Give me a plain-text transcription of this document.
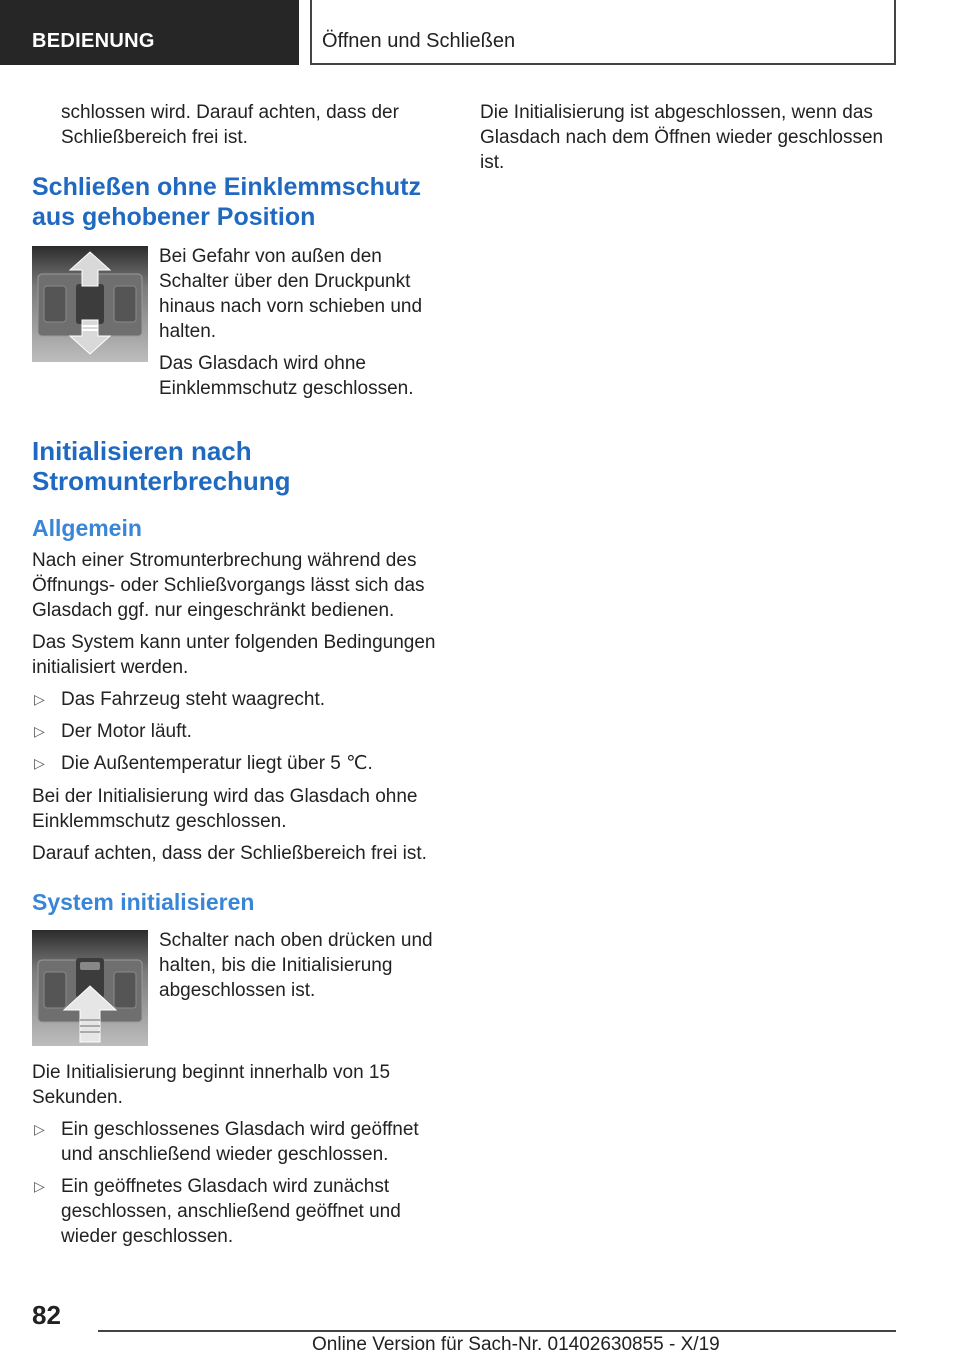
BEDIENUNG	Öffnen und Schließen

schlossen wird. Darauf achten, dass der Schließbereich frei ist.

Schließen ohne Einklemmschutz aus gehobener Position

Bei Gefahr von außen den Schalter über den Druckpunkt hinaus nach vorn schieben und halten.

Das Glasdach wird ohne Einklemmschutz geschlossen.

Initialisieren nach Stromunterbrechung
Allgemein

Nach einer Stromunterbrechung während des Öffnungs- oder Schließvorgangs lässt sich das Glasdach ggf. nur eingeschränkt bedienen.

Das System kann unter folgenden Bedingungen initialisiert werden.

▷ Das Fahrzeug steht waagrecht.
▷ Der Motor läuft.
▷ Die Außentemperatur liegt über 5 ℃.

Bei der Initialisierung wird das Glasdach ohne Einklemmschutz geschlossen.

Darauf achten, dass der Schließbereich frei ist.

System initialisieren

Schalter nach oben drücken und halten, bis die Initialisierung abgeschlossen ist.

Die Initialisierung beginnt innerhalb von 15 Sekunden.

▷ Ein geschlossenes Glasdach wird geöffnet und anschließend wieder geschlossen.
▷ Ein geöffnetes Glasdach wird zunächst geschlossen, anschließend geöffnet und wieder geschlossen.

Die Initialisierung ist abgeschlossen, wenn das Glasdach nach dem Öffnen wieder geschlossen ist.

82
Online Version für Sach-Nr. 01402630855 - X/19
